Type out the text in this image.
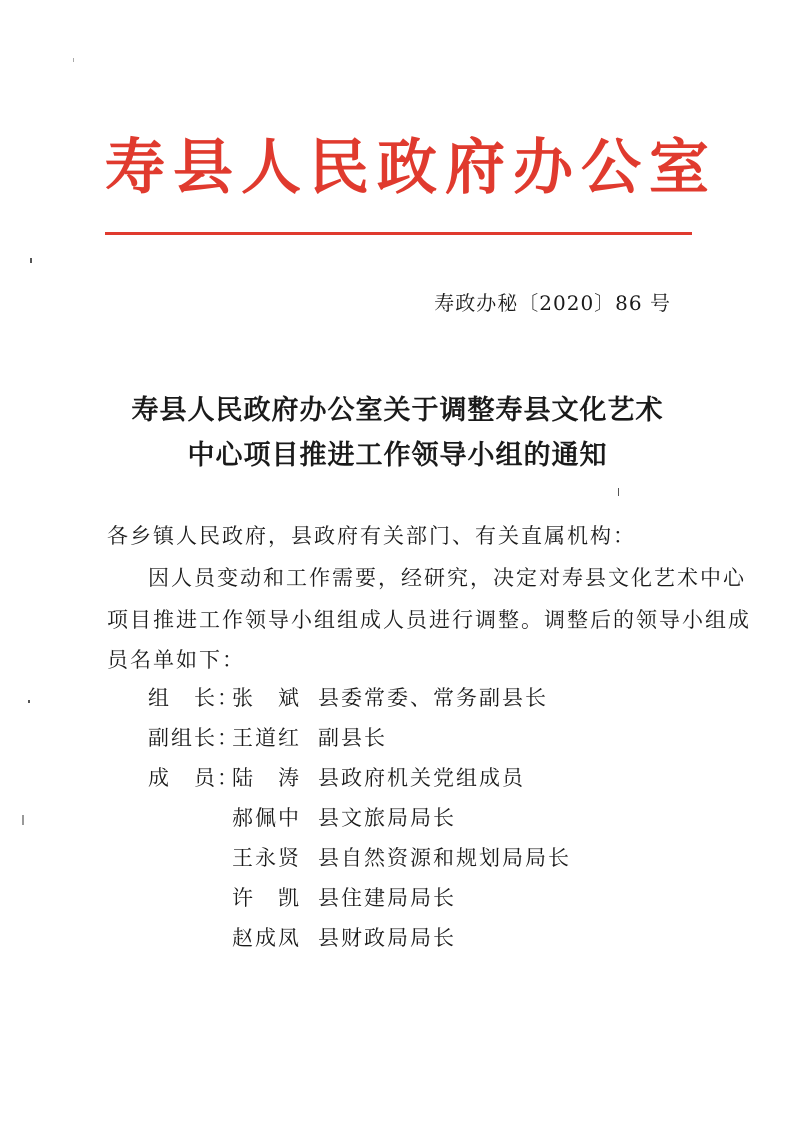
寿县人民政府办公室
寿政办秘〔2020〕86 号
寿县人民政府办公室关于调整寿县文化艺术
中心项目推进工作领导小组的通知
各乡镇人民政府，县政府有关部门、有关直属机构：
因人员变动和工作需要，经研究，决定对寿县文化艺术中心
项目推进工作领导小组组成人员进行调整。调整后的领导小组成
员名单如下：
组　长：
张　斌 县委常委、常务副县长
副组长：
王道红 副县长
成　员：
陆　涛 县政府机关党组成员
郝佩中 县文旅局局长
王永贤 县自然资源和规划局局长
许　凯 县住建局局长
赵成凤 县财政局局长
